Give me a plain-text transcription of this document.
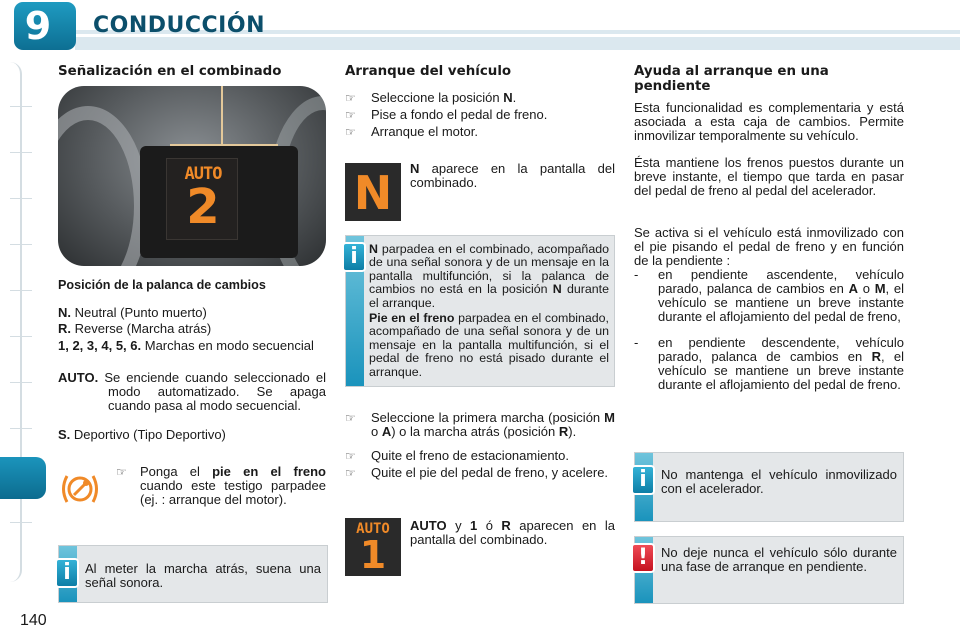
9	CONDUCCIÓN
140
Señalización en el combinado
AUTO
2
Posición de la palanca de cambios
N. Neutral (Punto muerto)
R. Reverse (Marcha atrás)
1, 2, 3, 4, 5, 6. Marchas en modo secuencial
AUTO. Se enciende cuando seleccionado el modo automatizado. Se apaga cuando pasa al modo secuencial.
S. Deportivo (Tipo Deportivo)
☞ Ponga el pie en el freno cuando este testigo parpadee (ej. : arranque del motor).
i	Al meter la marcha atrás, suena una señal sonora.
Arranque del vehículo
☞ Seleccione la posición N.
☞ Pise a fondo el pedal de freno.
☞ Arranque el motor.
N	N aparece en la pantalla del combinado.
i N parpadea en el combinado, acompañado de una señal sonora y de un mensaje en la pantalla multifunción, si la palanca de cambios no está en la posición N durante el arranque.
Pie en el freno parpadea en el combinado, acompañado de una señal sonora y de un mensaje en la pantalla multifunción, si el pedal de freno no está pisado durante el arranque.
☞ Seleccione la primera marcha (posición M o A) o la marcha atrás (posición R).
☞ Quite el freno de estacionamiento.
☞ Quite el pie del pedal de freno, y acelere.
AUTO
1
AUTO y 1 ó R aparecen en la pantalla del combinado.
Ayuda al arranque en una
pendiente
Esta funcionalidad es complementaria y está asociada a esta caja de cambios. Permite inmovilizar temporalmente su vehículo.
Ésta mantiene los frenos puestos durante un breve instante, el tiempo que tarda en pasar del pedal de freno al pedal del acelerador.
Se activa si el vehículo está inmovilizado con el pie pisando el pedal de freno y en función de la pendiente :
- en pendiente ascendente, vehículo parado, palanca de cambios en A o M, el vehículo se mantiene un breve instante durante el aflojamiento del pedal de freno,
- en pendiente descendente, vehículo parado, palanca de cambios en R, el vehículo se mantiene un breve instante durante el aflojamiento del pedal de freno.
i	No mantenga el vehículo inmovilizado con el acelerador.
! No deje nunca el vehículo sólo durante una fase de arranque en pendiente.
